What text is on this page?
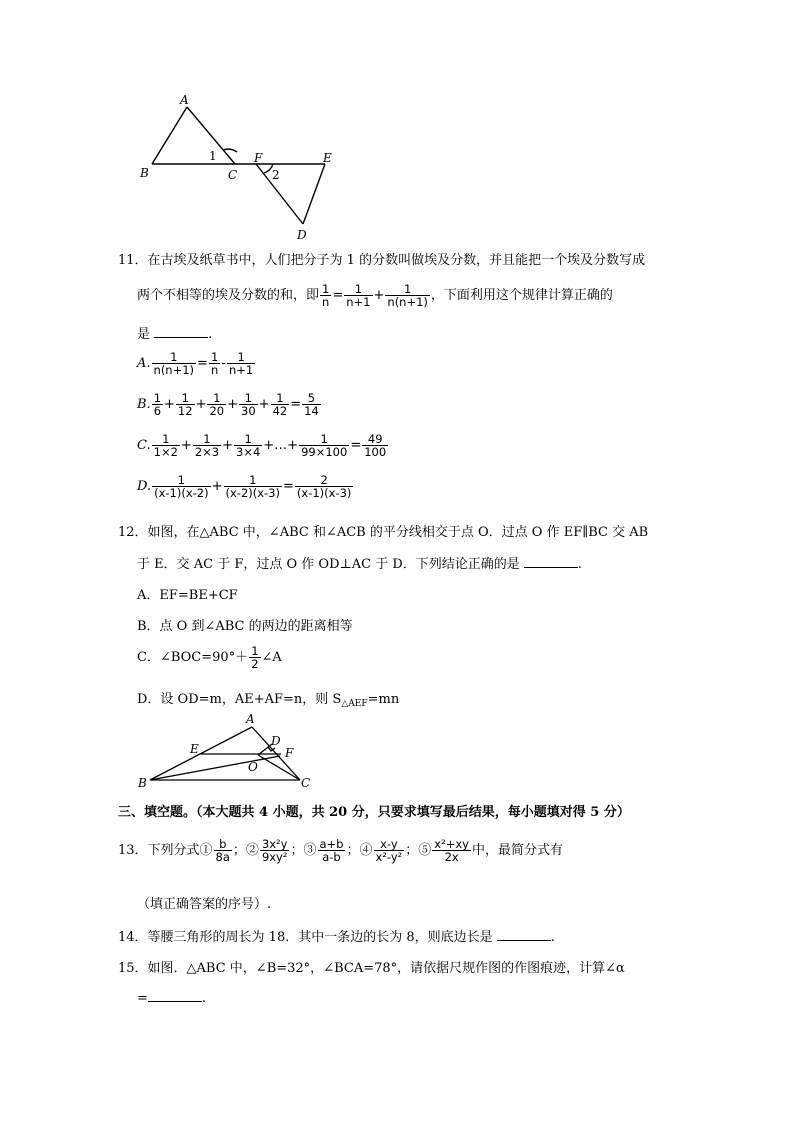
A
B	C
F	E
D
1
2
11．在古埃及纸草书中，人们把分子为 1 的分数叫做埃及分数，并且能把一个埃及分数写成
两个不相等的埃及分数的和，即 $\frac{1}{n} = \frac{1}{n+1} + \frac{1}{n(n+1)}$ ，下面利用这个规律计算正确的
是	.
A. $\frac{1}{n(n+1)} = \frac{1}{n} - \frac{1}{n+1}$
B. $\frac{1}{6} + \frac{1}{12} + \frac{1}{20} + \frac{1}{30} + \frac{1}{42} = \frac{5}{14}$
C. $\frac{1}{1\times 2} + \frac{1}{2\times 3} + \frac{1}{3\times 4}$ +…+ $\frac{1}{99\times 100} = \frac{49}{100}$
D. $\frac{1}{(x-1)(x-2)} + \frac{1}{(x-2)(x-3)} = \frac{2}{(x-1)(x-3)}$
12．如图，在△ABC 中，∠ABC 和∠ACB 的平分线相交于点 O．过点 O 作 EF∥BC 交 AB
于 E．交 AC 于 F，过点 O 作 OD⊥AC 于 D．下列结论正确的是	.
A．EF=BE+CF
B．点 O 到∠ABC 的两边的距离相等
C．∠BOC=90°＋ $\frac{1}{2}$ ∠A
D．设 OD=m，AE+AF=n，则 $S_{\triangle AEF}=mn$
A
D
E	F
O
B	C
三、填空题。（本大题共 4 小题，共 20 分，只要求填写最后结果，每小题填对得 5 分）
13．下列分式① $\frac{b}{8a}$ ；② $\frac{\text{3x²y}}{\text{9xy²}}$ ；③ $\frac{a+b}{a-b}$ ；④ $\frac{x-y}{\text{x²-y²}}$ ；⑤ $\frac{\text{x²+xy}}{2x}$ 中，最简分式有
（填正确答案的序号）.
14．等腰三角形的周长为 18．其中一条边的长为 8，则底边长是	.
15．如图．△ABC 中，∠B=32°，∠BCA=78°，请依据尺规作图的作图痕迹，计算∠α
=	.
